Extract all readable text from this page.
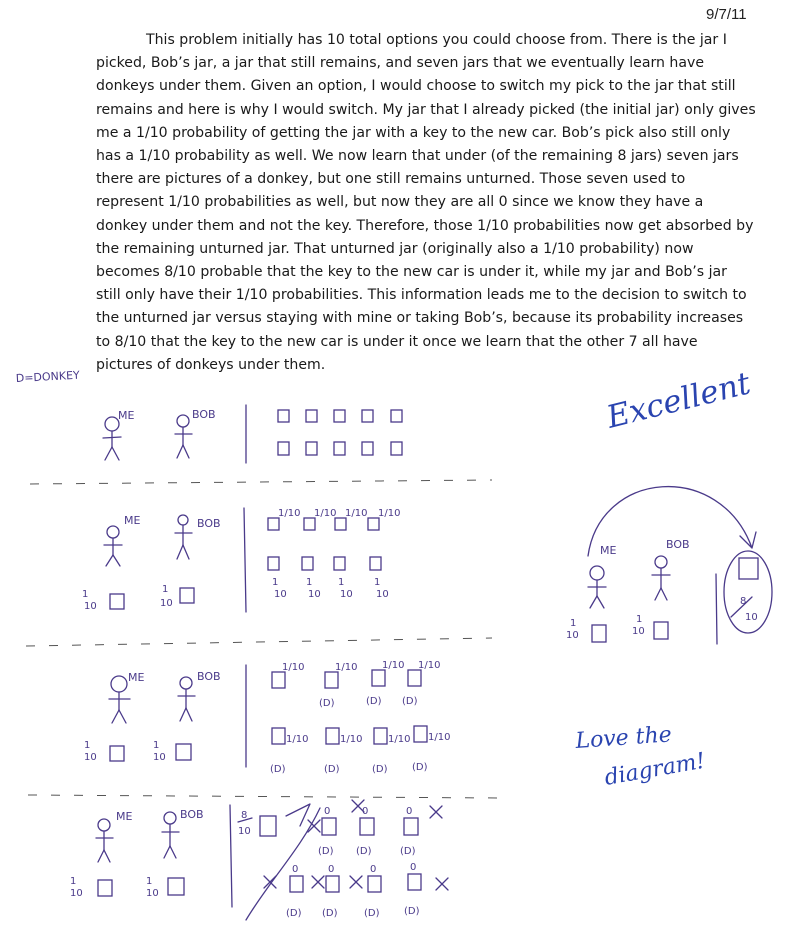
9/7/11
This problem initially has 10 total options you could choose from. There is the jar I picked, Bob’s jar, a jar that still remains, and seven jars that we eventually learn have donkeys under them. Given an option, I would choose to switch my pick to the jar that still remains and here is why I would switch. My jar that I already picked (the initial jar) only gives me a 1/10 probability of getting the jar with a key to the new car. Bob’s pick also still only has a 1/10 probability as well. We now learn that under (of the remaining 8 jars) seven jars there are pictures of a donkey, but one still remains unturned. Those seven used to represent 1/10 probabilities as well, but now they are all 0 since we know they have a donkey under them and not the key. Therefore, those 1/10 probabilities now get absorbed by the remaining unturned jar. That unturned jar (originally also a 1/10 probability) now becomes 8/10 probable that the key to the new car is under it, while my jar and Bob’s jar still only have their 1/10 probabilities. This information leads me to the decision to switch to the unturned jar versus staying with mine or taking Bob’s, because its probability increases to 8/10 that the key to the new car is under it once we learn that the other 7 all have pictures of donkeys under them.
D=DONKEY
ME	BOB
ME	BOB
1
10
1
10
1/10 1/10 1/10 1/10
10
1
10
1
10
1
10
1
ME	BOB
1
10
1
10
1/10	1/10
(D)
1/10
(D)
1/10
(D)
1/10
(D)
1/10
(D)
1/10
(D)
1/10
(D)
ME	BOB
1
10
1
10
8
10
0
(D)
0
(D)
0
(D)
0
(D)
0
(D)
0
(D)
0
(D)
ME	BOB
8
10
1
10
1
10
Excellent
Love the
diagram!
